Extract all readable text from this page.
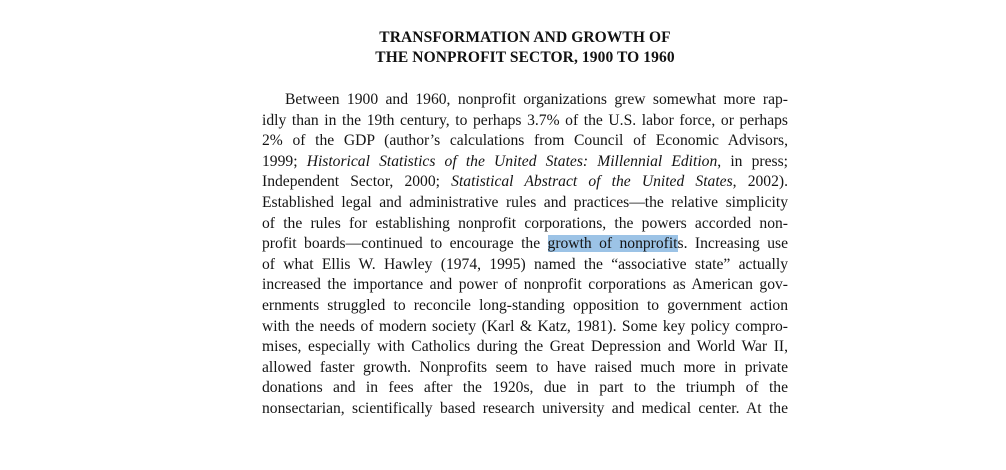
TRANSFORMATION AND GROWTH OF
THE NONPROFIT SECTOR, 1900 TO 1960
Between 1900 and 1960, nonprofit organizations grew somewhat more rap-
idly than in the 19th century, to perhaps 3.7% of the U.S. labor force, or perhaps
2% of the GDP (author’s calculations from Council of Economic Advisors,
1999; Historical Statistics of the United States: Millennial Edition, in press;
Independent Sector, 2000; Statistical Abstract of the United States, 2002).
Established legal and administrative rules and practices—the relative simplicity
of the rules for establishing nonprofit corporations, the powers accorded non-
profit boards—continued to encourage the growth of nonprofits. Increasing use
of what Ellis W. Hawley (1974, 1995) named the “associative state” actually
increased the importance and power of nonprofit corporations as American gov-
ernments struggled to reconcile long-standing opposition to government action
with the needs of modern society (Karl & Katz, 1981). Some key policy compro-
mises, especially with Catholics during the Great Depression and World War II,
allowed faster growth. Nonprofits seem to have raised much more in private
donations and in fees after the 1920s, due in part to the triumph of the
nonsectarian, scientifically based research university and medical center. At the
